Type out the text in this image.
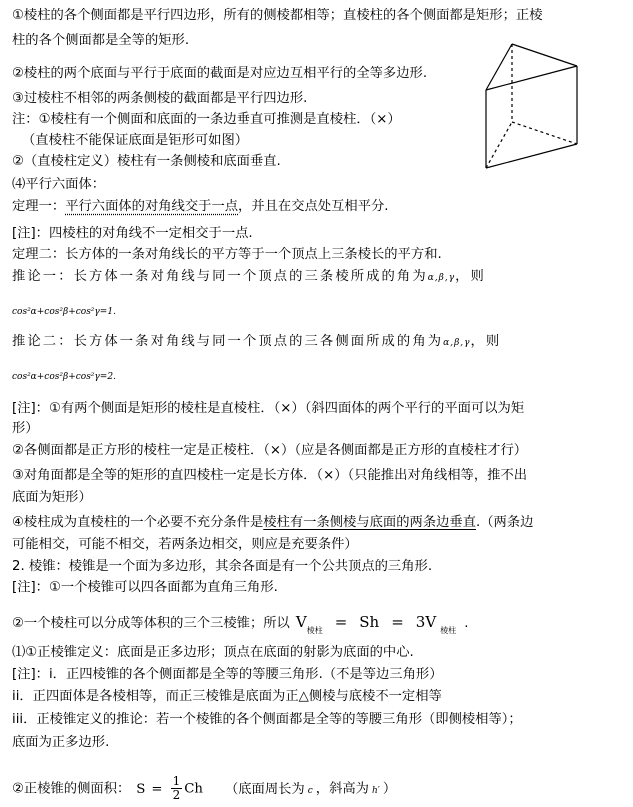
①棱柱的各个侧面都是平行四边形，所有的侧棱都相等；直棱柱的各个侧面都是矩形；正棱
柱的各个侧面都是全等的矩形.
②棱柱的两个底面与平行于底面的截面是对应边互相平行的全等多边形.
③过棱柱不相邻的两条侧棱的截面都是平行四边形.
注：①棱柱有一个侧面和底面的一条边垂直可推测是直棱柱．（×）
（直棱柱不能保证底面是钜形可如图）
②（直棱柱定义）棱柱有一条侧棱和底面垂直.
⑷平行六面体：
定理一：平行六面体的对角线交于一点，并且在交点处互相平分.
[注]：四棱柱的对角线不一定相交于一点.
定理二：长方体的一条对角线长的平方等于一个顶点上三条棱长的平方和.
推论一：长方体一条对角线与同一个顶点的三条棱所成的角为α,β,γ，则
cos²α+cos²β+cos²γ=1.
推论二：长方体一条对角线与同一个顶点的三各侧面所成的角为α,β,γ，则
cos²α+cos²β+cos²γ=2.
[注]：①有两个侧面是矩形的棱柱是直棱柱．（×）（斜四面体的两个平行的平面可以为矩
形）
②各侧面都是正方形的棱柱一定是正棱柱．（×）（应是各侧面都是正方形的直棱柱才行）
③对角面都是全等的矩形的直四棱柱一定是长方体．（×）（只能推出对角线相等，推不出
底面为矩形）
④棱柱成为直棱柱的一个必要不充分条件是棱柱有一条侧棱与底面的两条边垂直.（两条边
可能相交，可能不相交，若两条边相交，则应是充要条件）
2. 棱锥：棱锥是一个面为多边形，其余各面是有一个公共顶点的三角形.
[注]：①一个棱锥可以四各面都为直角三角形.
②一个棱柱可以分成等体积的三个三棱锥；所以 $V_{棱柱} = Sh = 3V$ $_{棱柱}$ .
⑴①正棱锥定义：底面是正多边形；顶点在底面的射影为底面的中心.
[注]：i．正四棱锥的各个侧面都是全等的等腰三角形.（不是等边三角形）
ii．正四面体是各棱相等，而正三棱锥是底面为正△侧棱与底棱不一定相等
iii．正棱锥定义的推论：若一个棱锥的各个侧面都是全等的等腰三角形（即侧棱相等）；
底面为正多边形.
②正棱锥的侧面积： $S = \frac{1}{2}$ Ch （底面周长为 c ，斜高为 h′ ）
